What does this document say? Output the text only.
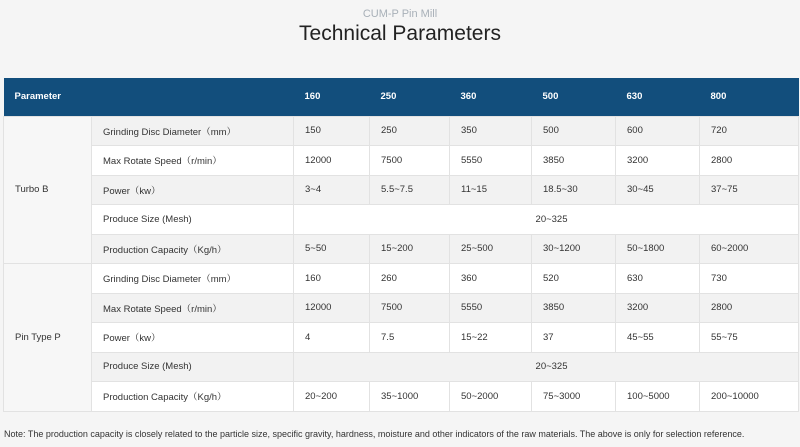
CUM-P Pin Mill
Technical Parameters
Parameter		160	250	360	500	630	800
Turbo B	Grinding Disc Diameter（mm）	150	250	350	500	600	720
	Max Rotate Speed（r/min）	12000	7500	5550	3850	3200	2800
	Power（kw）	3~4	5.5~7.5	11~15	18.5~30	30~45	37~75
	Produce Size (Mesh)	20~325					
	Production Capacity（Kg/h）	5~50	15~200	25~500	30~1200	50~1800	60~2000
Pin Type P	Grinding Disc Diameter（mm）	160	260	360	520	630	730
	Max Rotate Speed（r/min）	12000	7500	5550	3850	3200	2800
	Power（kw）	4	7.5	15~22	37	45~55	55~75
	Produce Size (Mesh)	20~325					
	Production Capacity（Kg/h）	20~200	35~1000	50~2000	75~3000	100~5000	200~10000
Note: The production capacity is closely related to the particle size, specific gravity, hardness, moisture and other indicators of the raw materials. The above is only for selection reference.
